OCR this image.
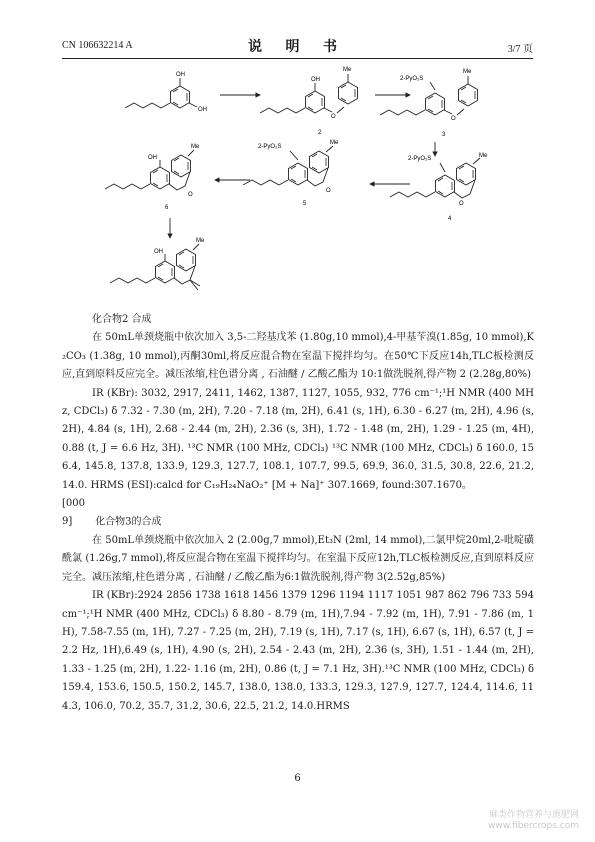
CN 106632214 A	说 明 书	3/7 页
OH
OH
OH
O
Me
2
2-PyO₂S
O
Me
3
2-PyO₂S
O
Me
4
2-PyO₂S
O
Me
5
OH
O
Me
6
OH
Me

化合物2 合成

在 50mL单颈烧瓶中依次加入 3,5-二羟基戊苯 (1.80g,10 mmol),4-甲基苄溴(1.85g, 10 mmol),K₂CO₃ (1.38g, 10 mmol),丙酮30ml,将反应混合物在室温下搅拌均匀。在50℃下反应14h,TLC板检测反应,直到原料反应完全。减压浓缩,柱色谱分离 , 石油醚 / 乙酸乙酯为 10:1做洗脱剂,得产物 2 (2.28g,80%)

IR (KBr): 3032, 2917, 2411, 1462, 1387, 1127, 1055, 932, 776 cm⁻¹;¹H NMR (400 MHz, CDCl₃) δ 7.32 - 7.30 (m, 2H), 7.20 - 7.18 (m, 2H), 6.41 (s, 1H), 6.30 - 6.27 (m, 2H), 4.96 (s, 2H), 4.84 (s, 1H), 2.68 - 2.44 (m, 2H), 2.36 (s, 3H), 1.72 - 1.48 (m, 2H), 1.29 - 1.25 (m, 4H), 0.88 (t, J = 6.6 Hz, 3H). ¹³C NMR (100 MHz, CDCl₃) ¹³C NMR (100 MHz, CDCl₃) δ 160.0, 156.4, 145.8, 137.8, 133.9, 129.3, 127.7, 108.1, 107.7, 99.5, 69.9, 36.0, 31.5, 30.8, 22.6, 21.2, 14.0. HRMS (ESI):calcd for C₁₉H₂₄NaO₂⁺ [M + Na]⁺ 307.1669, found:307.1670。

[0009] 化合物3的合成

在 50mL单颈烧瓶中依次加入 2 (2.00g,7 mmol),Et₃N (2ml, 14 mmol),二氯甲烷20ml,2-吡啶磺酰氯 (1.26g,7 mmol),将反应混合物在室温下搅拌均匀。在室温下反应12h,TLC板检测反应,直到原料反应完全。减压浓缩,柱色谱分离 , 石油醚 / 乙酸乙酯为6:1做洗脱剂,得产物 3(2.52g,85%)

IR (KBr):2924 2856 1738 1618 1456 1379 1296 1194 1117 1051 987 862 796 733 594cm⁻¹;¹H NMR (400 MHz, CDCl₃) δ 8.80 - 8.79 (m, 1H),7.94 - 7.92 (m, 1H), 7.91 - 7.86 (m, 1H), 7.58-7.55 (m, 1H), 7.27 - 7.25 (m, 2H), 7.19 (s, 1H), 7.17 (s, 1H), 6.67 (s, 1H), 6.57 (t, J = 2.2 Hz, 1H),6.49 (s, 1H), 4.90 (s, 2H), 2.54 - 2.43 (m, 2H), 2.36 (s, 3H), 1.51 - 1.44 (m, 2H), 1.33 - 1.25 (m, 2H), 1.22- 1.16 (m, 2H), 0.86 (t, J = 7.1 Hz, 3H).¹³C NMR (100 MHz, CDCl₃) δ 159.4, 153.6, 150.5, 150.2, 145.7, 138.0, 138.0, 133.3, 129.3, 127.9, 127.7, 124.4, 114.6, 114.3, 106.0, 70.2, 35.7, 31.2, 30.6, 22.5, 21.2, 14.0.HRMS

6
麻类作物营养与施肥网
www.fibercrops.com
